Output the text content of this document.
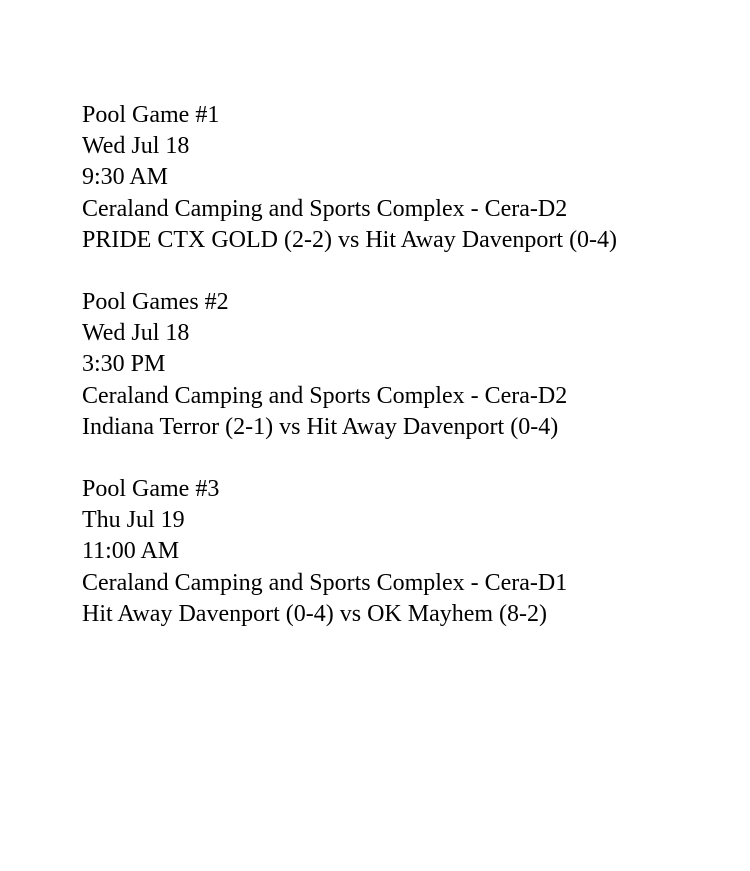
Pool Game #1
Wed Jul 18
9:30 AM
Ceraland Camping and Sports Complex - Cera-D2
PRIDE CTX GOLD (2-2) vs Hit Away Davenport (0-4)
Pool Games #2
Wed Jul 18
3:30 PM
Ceraland Camping and Sports Complex - Cera-D2
Indiana Terror (2-1) vs Hit Away Davenport (0-4)
Pool Game #3
Thu Jul 19
11:00 AM
Ceraland Camping and Sports Complex - Cera-D1
Hit Away Davenport (0-4) vs OK Mayhem (8-2)
